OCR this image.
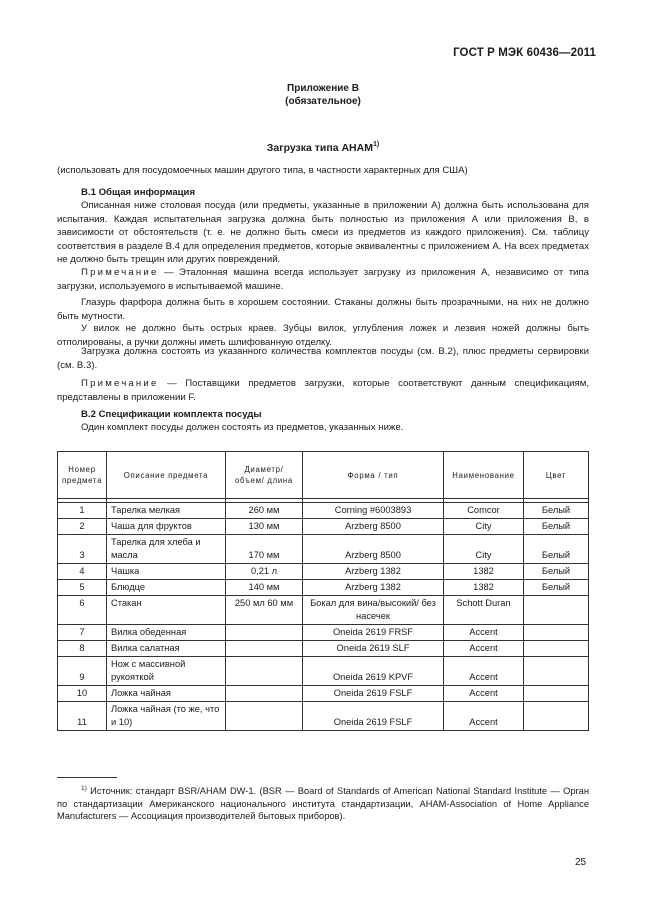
ГОСТ Р МЭК 60436—2011
Приложение В
(обязательное)
Загрузка типа АНАМ$^{1)}$
(использовать для посудомоечных машин другого типа, в частности характерных для США)
В.1 Общая информация
Описанная ниже столовая посуда (или предметы, указанные в приложении А) должна быть использована для испытания. Каждая испытательная загрузка должна быть полностью из приложения А или приложения В, в зависимости от обстоятельств (т. е. не должно быть смеси из предметов из каждого приложения). См. таблицу соответствия в разделе В.4 для определения предметов, которые эквивалентны с приложением А. На всех предметах не должно быть трещин или других повреждений.
Примечание — Эталонная машина всегда использует загрузку из приложения А, независимо от типа загрузки, используемого в испытываемой машине.
Глазурь фарфора должна быть в хорошем состоянии. Стаканы должны быть прозрачными, на них не должно быть мутности.
У вилок не должно быть острых краев. Зубцы вилок, углубления ложек и лезвия ножей должны быть отполированы, а ручки должны иметь шлифованную отделку.
Загрузка должна состоять из указанного количества комплектов посуды (см. В.2), плюс предметы сервировки (см. В.3).
Примечание — Поставщики предметов загрузки, которые соответствуют данным спецификациям, представлены в приложении F.
В.2 Спецификации комплекта посуды
Один комплект посуды должен состоять из предметов, указанных ниже.
Номер предмета	Описание предмета	Диаметр/ объем/ длина	Форма / тип	Наименование	Цвет

1	Тарелка мелкая	260 мм	Corning #6003893	Comcor	Белый
2	Чаша для фруктов	130 мм	Arzberg 8500	City	Белый
3	Тарелка для хлеба и масла	170 мм	Arzberg 8500	City	Белый
4	Чашка	0,21 л	Arzberg 1382	1382	Белый
5	Блюдце	140 мм	Arzberg 1382	1382	Белый
6	Стакан	250 мл 60 мм	Бокал для вина/высокий/ без насечек	Schott Duran	
7	Вилка обеденная		Oneida 2619 FRSF	Accent	
8	Вилка салатная		Oneida 2619 SLF	Accent	
9	Нож с массивной рукояткой		Oneida 2619 KPVF	Accent	
10	Ложка чайная		Oneida 2619 FSLF	Accent	
11	Ложка чайная (то же, что и 10)		Oneida 2619 FSLF	Accent	
$^{1)}$ Источник: стандарт BSR/AHAM DW-1. (BSR — Board of Standards of American National Standard Institute — Орган по стандартизации Американского национального института стандартизации, AHAM-Association of Home Appliance Manufacturers — Ассоциация производителей бытовых приборов).
25
